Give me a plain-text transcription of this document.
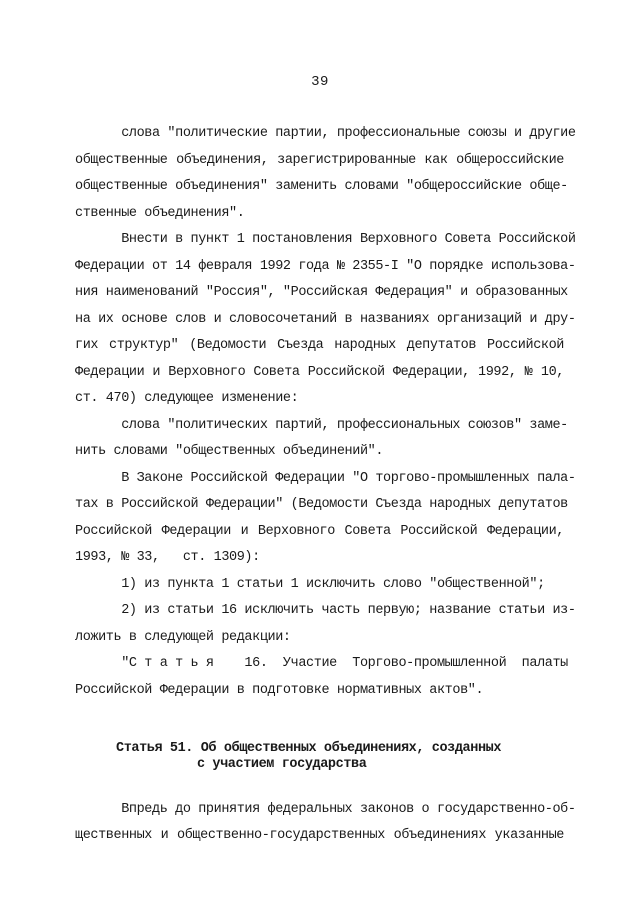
39
слова "политические партии, профессиональные союзы и другие
общественные объединения, зарегистрированные как общероссийские
общественные объединения" заменить словами "общероссийские обще-
ственные объединения".
Внести в пункт 1 постановления Верховного Совета Российской
Федерации от 14 февраля 1992 года № 2355-I "О порядке использова-
ния наименований "Россия", "Российская Федерация" и образованных
на их основе слов и словосочетаний в названиях организаций и дру-
гих структур" (Ведомости Съезда народных депутатов Российской
Федерации и Верховного Совета Российской Федерации, 1992, № 10,
ст. 470) следующее изменение:
слова "политических партий, профессиональных союзов" заме-
нить словами "общественных объединений".
В Законе Российской Федерации "О торгово-промышленных пала-
тах в Российской Федерации" (Ведомости Съезда народных депутатов
Российской Федерации и Верховного Совета Российской Федерации,
1993, № 33,   ст. 1309):
1) из пункта 1 статьи 1 исключить слово "общественной";
2) из статьи 16 исключить часть первую; название статьи из-
ложить в следующей редакции:
"С т а т ь я    16.  Участие  Торгово-промышленной  палаты
Российской Федерации в подготовке нормативных актов".
Статья 51. Об общественных объединениях, созданных
с участием государства
Впредь до принятия федеральных законов о государственно-об-
щественных и общественно-государственных объединениях указанные
